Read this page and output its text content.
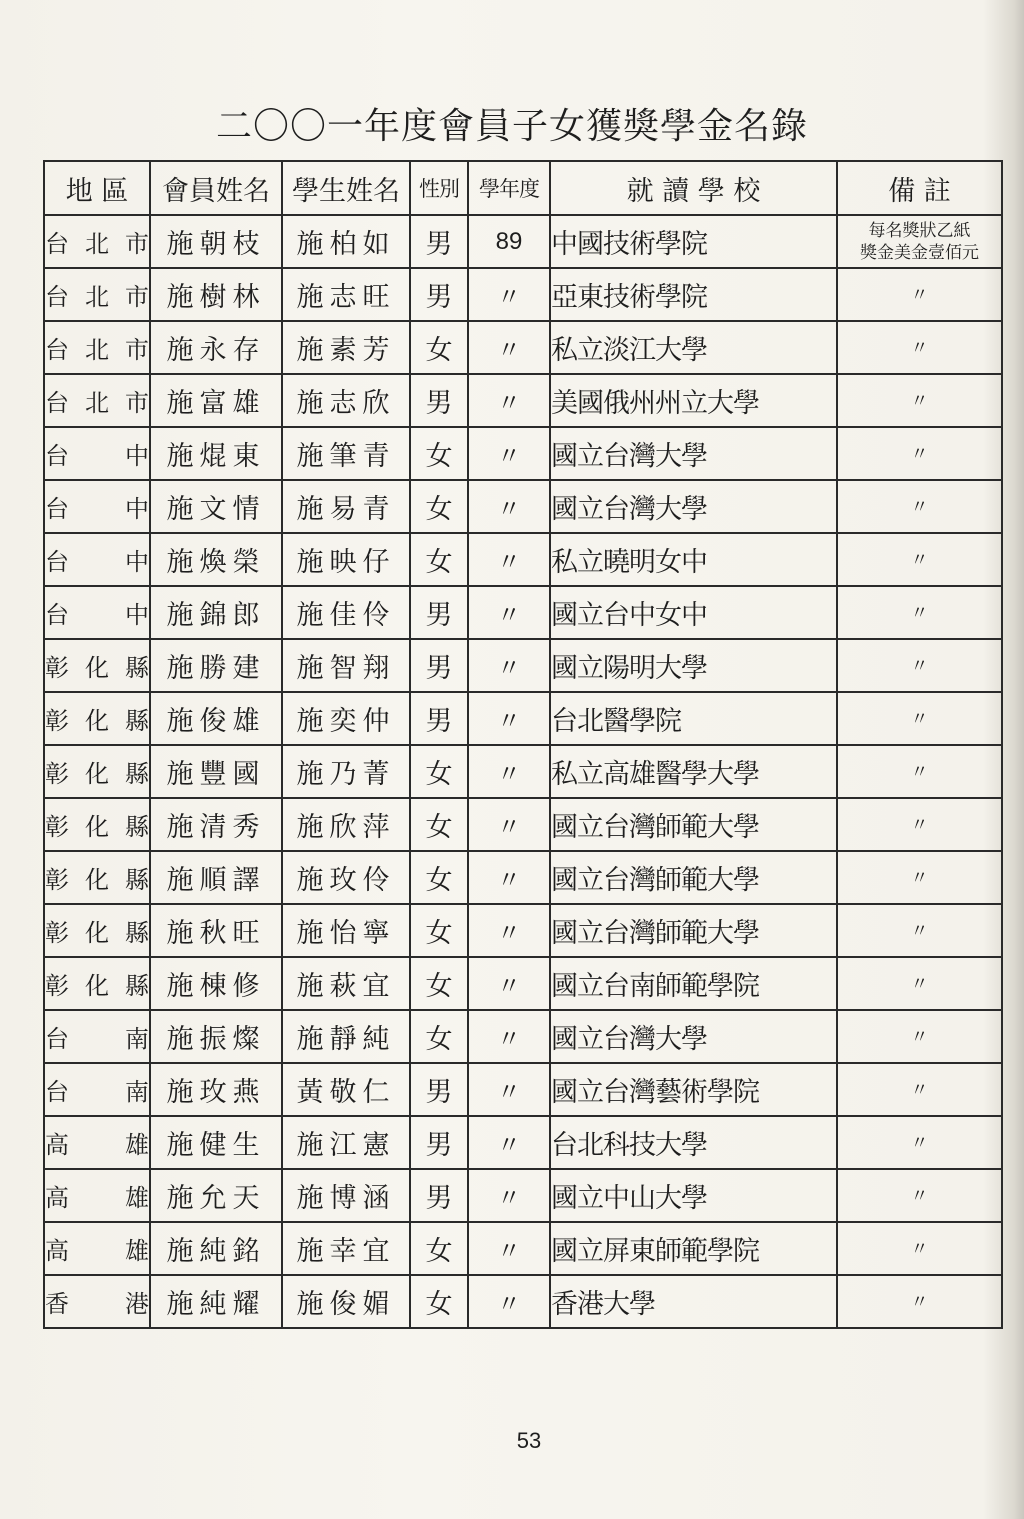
二〇〇一年度會員子女獲獎學金名錄
地 區	會員姓名	學生姓名	性別	學年度	就 讀 學 校	備 註

台北市	施朝枝	施柏如	男	89	中國技術學院	每名獎狀乙紙
獎金美金壹佰元

台北市	施樹林	施志旺	男	〃	亞東技術學院	〃

台北市	施永存	施素芳	女	〃	私立淡江大學	〃

台北市	施富雄	施志欣	男	〃	美國俄州州立大學	〃

台中	施焜東	施筆青	女	〃	國立台灣大學	〃

台中	施文情	施易青	女	〃	國立台灣大學	〃

台中	施煥榮	施映仔	女	〃	私立曉明女中	〃

台中	施錦郎	施佳伶	男	〃	國立台中女中	〃

彰化縣	施勝建	施智翔	男	〃	國立陽明大學	〃

彰化縣	施俊雄	施奕仲	男	〃	台北醫學院	〃

彰化縣	施豐國	施乃菁	女	〃	私立高雄醫學大學	〃

彰化縣	施清秀	施欣萍	女	〃	國立台灣師範大學	〃

彰化縣	施順譯	施玫伶	女	〃	國立台灣師範大學	〃

彰化縣	施秋旺	施怡寧	女	〃	國立台灣師範大學	〃

彰化縣	施棟修	施萩宜	女	〃	國立台南師範學院	〃

台南	施振燦	施靜純	女	〃	國立台灣大學	〃

台南	施玫燕	黃敬仁	男	〃	國立台灣藝術學院	〃

高雄	施健生	施江憲	男	〃	台北科技大學	〃

高雄	施允天	施博涵	男	〃	國立中山大學	〃

高雄	施純銘	施幸宜	女	〃	國立屏東師範學院	〃

香港	施純耀	施俊媚	女	〃	香港大學	〃
53
